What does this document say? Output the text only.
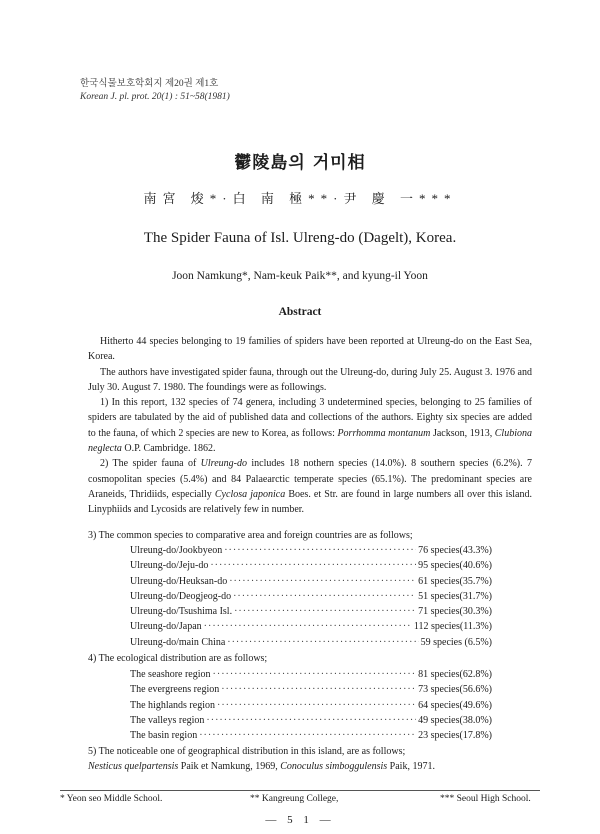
한국식물보호학회지 제20권 제1호
Korean J. pl. prot. 20(1) : 51~58(1981)
鬱陵島의 거미相
南宮 焌*·白 南 極**·尹 慶 一***
The Spider Fauna of Isl. Ulreng-do (Dagelt), Korea.
Joon Namkung*, Nam-keuk Paik**, and kyung-il Yoon
Abstract

Hitherto 44 species belonging to 19 families of spiders have been reported at Ulreung-do on the East Sea, Korea.

The authors have investigated spider fauna, through out the Ulreung-do, during July 25. August 3. 1976 and July 30. August 7. 1980. The foundings were as followings.

1) In this report, 132 species of 74 genera, including 3 undetermined species, belonging to 25 families of spiders are tabulated by the aid of published data and collections of the authors. Eighty six species are added to the fauna, of which 2 species are new to Korea, as follows: Porrhomma montanum Jackson, 1913, Clubiona neglecta O.P. Cambridge. 1862.

2) The spider fauna of Ulreung-do includes 18 nothern species (14.0%). 8 southern species (6.2%). 7 cosmopolitan species (5.4%) and 84 Palaearctic temperate species (65.1%). The predominant species are Araneids, Thridiids, especially Cyclosa japonica Boes. et Str. are found in large numbers all over this island. Linyphiids and Lycosids are relatively few in number.

3) The common species to comparative area and foreign countries are as follows;
Ulreung-do/Jookbyeon ·····	76 species(43.3%)
Ulreung-do/Jeju-do ·····	95 species(40.6%)
Ulreung-do/Heuksan-do ·····	61 species(35.7%)
Ulreung-do/Deogjeog-do ·····	51 species(31.7%)
Ulreung-do/Tsushima Isl. ·····	71 species(30.3%)
Ulreung-do/Japan ·····	112 species(11.3%)
Ulreung-do/main China ·····	59 species (6.5%)
4) The ecological distribution are as follows;
The seashore region ·····	81 species(62.8%)
The evergreens region ·····	73 species(56.6%)
The highlands region ·····	64 species(49.6%)
The valleys region ·····	49 species(38.0%)
The basin region ·····	23 species(17.8%)
5) The noticeable one of geographical distribution in this island, are as follows;
Nesticus quelpartensis Paik et Namkung, 1969, Conoculus simboggulensis Paik, 1971.
* Yeon seo Middle School.	** Kangreung College,	*** Seoul High School.
— 5 1 —
